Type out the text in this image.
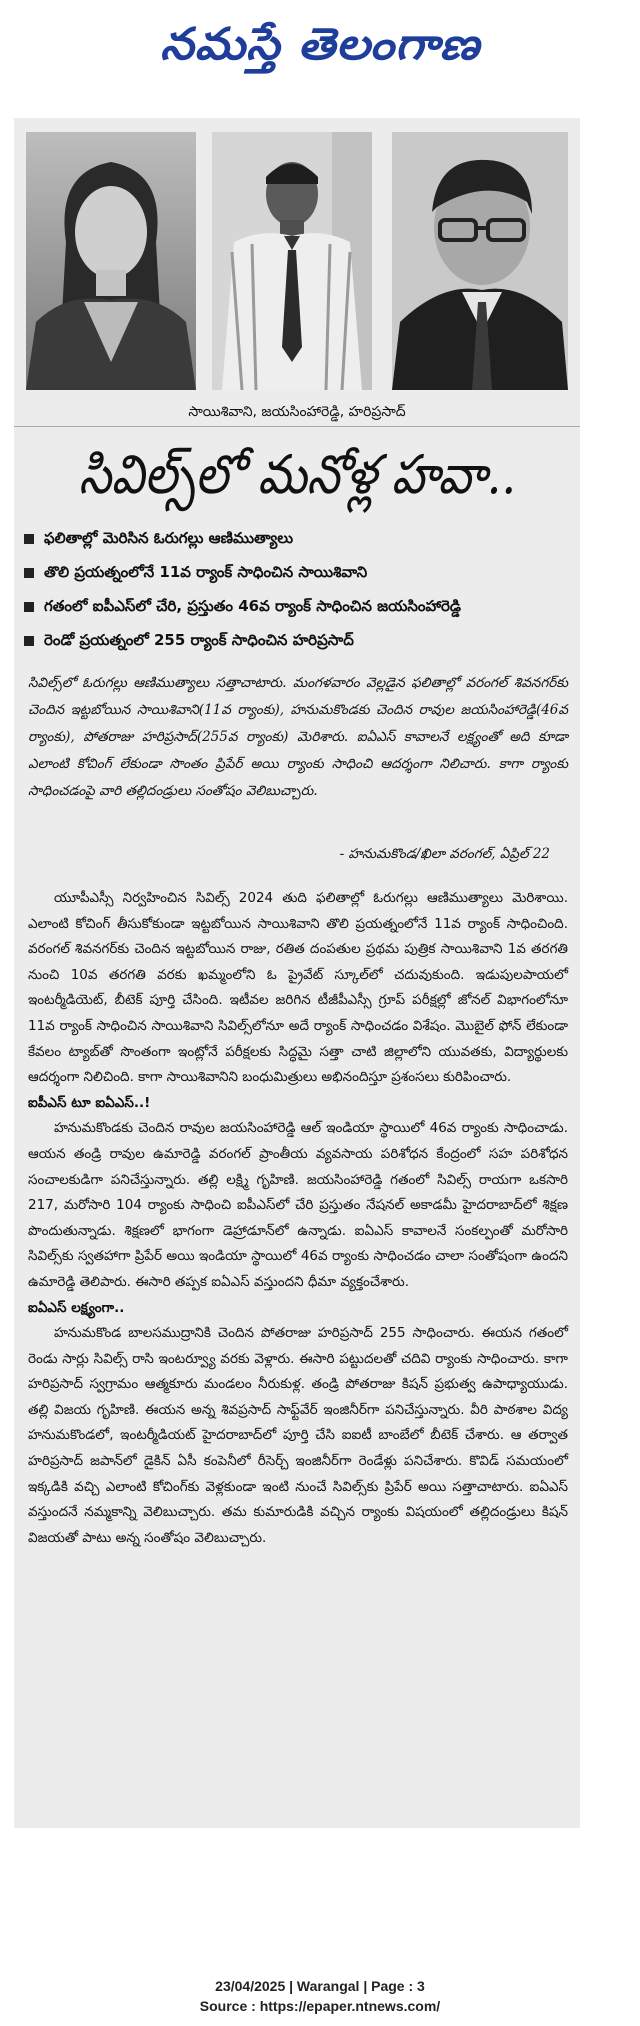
నమస్తే తెలంగాణ
సాయిశివాని, జయసింహారెడ్డి, హరిప్రసాద్
సివిల్స్‌లో మనోళ్ల హవా..
ఫలితాల్లో మెరిసిన ఓరుగల్లు ఆణిముత్యాలు
తొలి ప్రయత్నంలోనే 11వ ర్యాంక్ సాధించిన సాయిశివాని
గతంలో ఐపీఎస్‌లో చేరి, ప్రస్తుతం 46వ ర్యాంక్ సాధించిన జయసింహారెడ్డి
రెండో ప్రయత్నంలో 255 ర్యాంక్ సాధించిన హరిప్రసాద్
సివిల్స్‌లో ఓరుగల్లు ఆణిముత్యాలు సత్తాచాటారు. మంగళవారం వెల్లడైన ఫలితాల్లో వరంగల్ శివనగర్‌కు చెందిన ఇట్టబోయిన సాయిశివాని(11వ ర్యాంకు), హనుమకొండకు చెందిన రావుల జయసింహారెడ్డి(46వ ర్యాంకు), పోతరాజు హరిప్రసాద్(255వ ర్యాంకు) మెరిశారు. ఐఏఎస్ కావాలనే లక్ష్యంతో అది కూడా ఎలాంటి కోచింగ్ లేకుండా సొంతం ప్రిపేర్ అయి ర్యాంకు సాధించి ఆదర్శంగా నిలిచారు. కాగా ర్యాంకు సాధించడంపై వారి తల్లిదండ్రులు సంతోషం వెలిబుచ్చారు.
- హనుమకొండ/ఖిలా వరంగల్, ఏప్రిల్ 22

యూపీఎస్సీ నిర్వహించిన సివిల్స్ 2024 తుది ఫలితాల్లో ఓరుగల్లు ఆణిముత్యాలు మెరిశాయి. ఎలాంటి కోచింగ్ తీసుకోకుండా ఇట్టబోయిన సాయిశివాని తొలి ప్రయత్నంలోనే 11వ ర్యాంక్ సాధించింది. వరంగల్ శివనగర్‌కు చెందిన ఇట్టబోయిన రాజు, రతిత దంపతుల ప్రథమ పుత్రిక సాయిశివాని 1వ తరగతి నుంచి 10వ తరగతి వరకు ఖమ్మంలోని ఓ ప్రైవేట్ స్కూల్‌లో చదువుకుంది. ఇడుపులపాయలో ఇంటర్మీడియెట్, బీటెక్ పూర్తి చేసింది. ఇటీవల జరిగిన టీజీపీఎస్సీ గ్రూప్ పరీక్షల్లో జోనల్ విభాగంలోనూ 11వ ర్యాంక్ సాధించిన సాయిశివాని సివిల్స్‌లోనూ అదే ర్యాంక్ సాధించడం విశేషం. మొబైల్ ఫోన్ లేకుండా కేవలం ట్యాబ్‌తో సొంతంగా ఇంట్లోనే పరీక్షలకు సిద్ధమై సత్తా చాటి జిల్లాలోని యువతకు, విద్యార్థులకు ఆదర్శంగా నిలిచింది. కాగా సాయిశివానిని బంధుమిత్రులు అభినందిస్తూ ప్రశంసలు కురిపించారు.

ఐపీఎస్ టూ ఐఏఎస్..!

హనుమకొండకు చెందిన రావుల జయసింహారెడ్డి ఆల్ ఇండియా స్థాయిలో 46వ ర్యాంకు సాధించాడు. ఆయన తండ్రి రావుల ఉమారెడ్డి వరంగల్ ప్రాంతీయ వ్యవసాయ పరిశోధన కేంద్రంలో సహ పరిశోధన సంచాలకుడిగా పనిచేస్తున్నారు. తల్లి లక్ష్మి గృహిణి. జయసింహారెడ్డి గతంలో సివిల్స్ రాయగా ఒకసారి 217, మరోసారి 104 ర్యాంకు సాధించి ఐపీఎస్‌లో చేరి ప్రస్తుతం నేషనల్ అకాడమీ హైదరాబాద్‌లో శిక్షణ పొందుతున్నాడు. శిక్షణలో భాగంగా డెహ్రాడూన్‌లో ఉన్నాడు. ఐఏఎస్ కావాలనే సంకల్పంతో మరోసారి సివిల్స్‌కు స్వతహాగా ప్రిపేర్ అయి ఇండియా స్థాయిలో 46వ ర్యాంకు సాధించడం చాలా సంతోషంగా ఉందని ఉమారెడ్డి తెలిపారు. ఈసారి తప్పక ఐఏఎస్ వస్తుందని ధీమా వ్యక్తంచేశారు.

ఐఏఎస్ లక్ష్యంగా..

హనుమకొండ బాలసముద్రానికి చెందిన పోతరాజు హరిప్రసాద్ 255 సాధించారు. ఈయన గతంలో రెండు సార్లు సివిల్స్ రాసి ఇంటర్వ్యూ వరకు వెళ్లారు. ఈసారి పట్టుదలతో చదివి ర్యాంకు సాధించారు. కాగా హరిప్రసాద్ స్వగ్రామం ఆత్మకూరు మండలం నీరుకుళ్ల. తండ్రి పోతరాజు కిషన్ ప్రభుత్వ ఉపాధ్యాయుడు. తల్లి విజయ గృహిణి. ఈయన అన్న శివప్రసాద్ సాఫ్ట్‌వేర్ ఇంజినీర్‌గా పనిచేస్తున్నారు. వీరి పాఠశాల విద్య హనుమకొండలో, ఇంటర్మీడియట్ హైదరాబాద్‌లో పూర్తి చేసి ఐఐటీ బాంబేలో బీటెక్ చేశారు. ఆ తర్వాత హరిప్రసాద్ జపాన్‌లో డైకిన్ ఏసీ కంపెనీలో రీసెర్చ్ ఇంజినీర్‌గా రెండేళ్లు పనిచేశారు. కొవిడ్ సమయంలో ఇక్కడికి వచ్చి ఎలాంటి కోచింగ్‌కు వెళ్లకుండా ఇంటి నుంచే సివిల్స్‌కు ప్రిపేర్ అయి సత్తాచాటారు. ఐఏఎస్ వస్తుందనే నమ్మకాన్ని వెలిబుచ్చారు. తమ కుమారుడికి వచ్చిన ర్యాంకు విషయంలో తల్లిదండ్రులు కిషన్ విజయతో పాటు అన్న సంతోషం వెలిబుచ్చారు.

23/04/2025 | Warangal | Page : 3
Source : https://epaper.ntnews.com/
